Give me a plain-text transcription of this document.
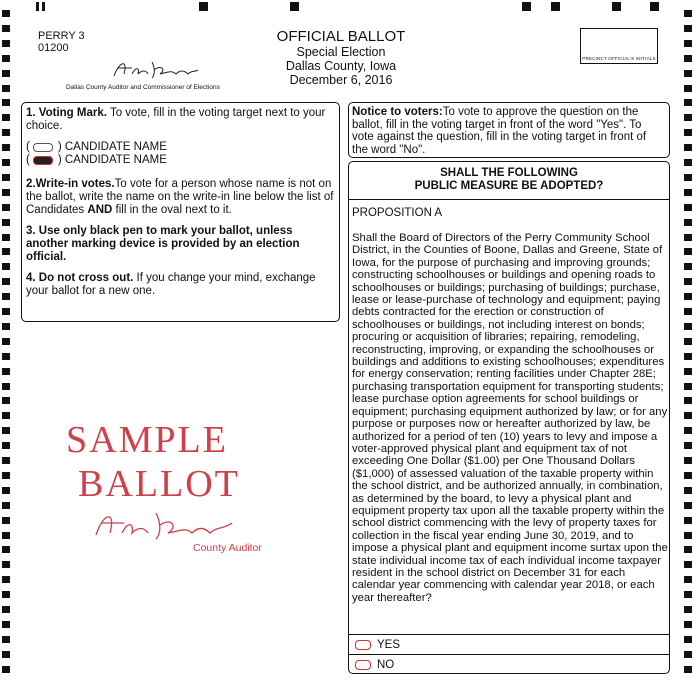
PERRY 3
01200
OFFICIAL BALLOT
Special Election
Dallas County, Iowa
December 6, 2016
Dallas County Auditor and Commissioner of Elections
PRECINCT OFFICIAL'S INITIALS

1. Voting Mark. To vote, fill in the voting target next to your choice.

( ) CANDIDATE NAME
( ) CANDIDATE NAME

2.Write-in votes.To vote for a person whose name is not on the ballot, write the name on the write-in line below the list of Candidates AND fill in the oval next to it.

3. Use only black pen to mark your ballot, unless another marking device is provided by an election official.

4. Do not cross out. If you change your mind, exchange your ballot for a new one.

SAMPLE
BALLOT
County Auditor
Notice to voters:To vote to approve the question on the ballot, fill in the voting target in front of the word "Yes". To vote against the question, fill in the voting target in front of the word "No".
SHALL THE FOLLOWING
PUBLIC MEASURE BE ADOPTED?
PROPOSITION A

Shall the Board of Directors of the Perry Community School District, in the Counties of Boone, Dallas and Greene, State of Iowa, for the purpose of purchasing and improving grounds; constructing schoolhouses or buildings and opening roads to schoolhouses or buildings; purchasing of buildings; purchase, lease or lease-purchase of technology and equipment; paying debts contracted for the erection or construction of schoolhouses or buildings, not including interest on bonds; procuring or acquisition of libraries; repairing, remodeling, reconstructing, improving, or expanding the schoolhouses or buildings and additions to existing schoolhouses; expenditures for energy conservation; renting facilities under Chapter 28E; purchasing transportation equipment for transporting students; lease purchase option agreements for school buildings or equipment; purchasing equipment authorized by law; or for any purpose or purposes now or hereafter authorized by law, be authorized for a period of ten (10) years to levy and impose a voter-approved physical plant and equipment tax of not exceeding One Dollar ($1.00) per One Thousand Dollars ($1,000) of assessed valuation of the taxable property within the school district, and be authorized annually, in combination, as determined by the board, to levy a physical plant and equipment property tax upon all the taxable property within the school district commencing with the levy of property taxes for collection in the fiscal year ending June 30, 2019, and to impose a physical plant and equipment income surtax upon the state individual income tax of each individual income taxpayer resident in the school district on December 31 for each calendar year commencing with calendar year 2018, or each year thereafter?

YES
NO
